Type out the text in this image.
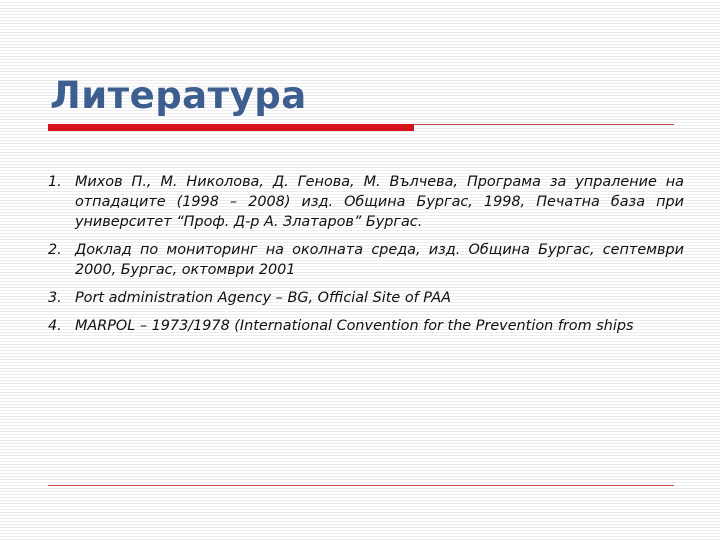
Литература
1. Михов П., М. Николова, Д. Генова, М. Вълчева, Програма за упраление на отпадаците (1998 – 2008) изд. Община Бургас, 1998, Печатна база при университет “Проф. Д-р А. Златаров” Бургас.
2. Доклад по мониторинг на околната среда, изд. Община Бургас, септември 2000, Бургас, октомври 2001
3. Port administration Agency – BG, Official Site of PAA
4. MARPOL – 1973/1978 (International Convention for the Prevention from ships
